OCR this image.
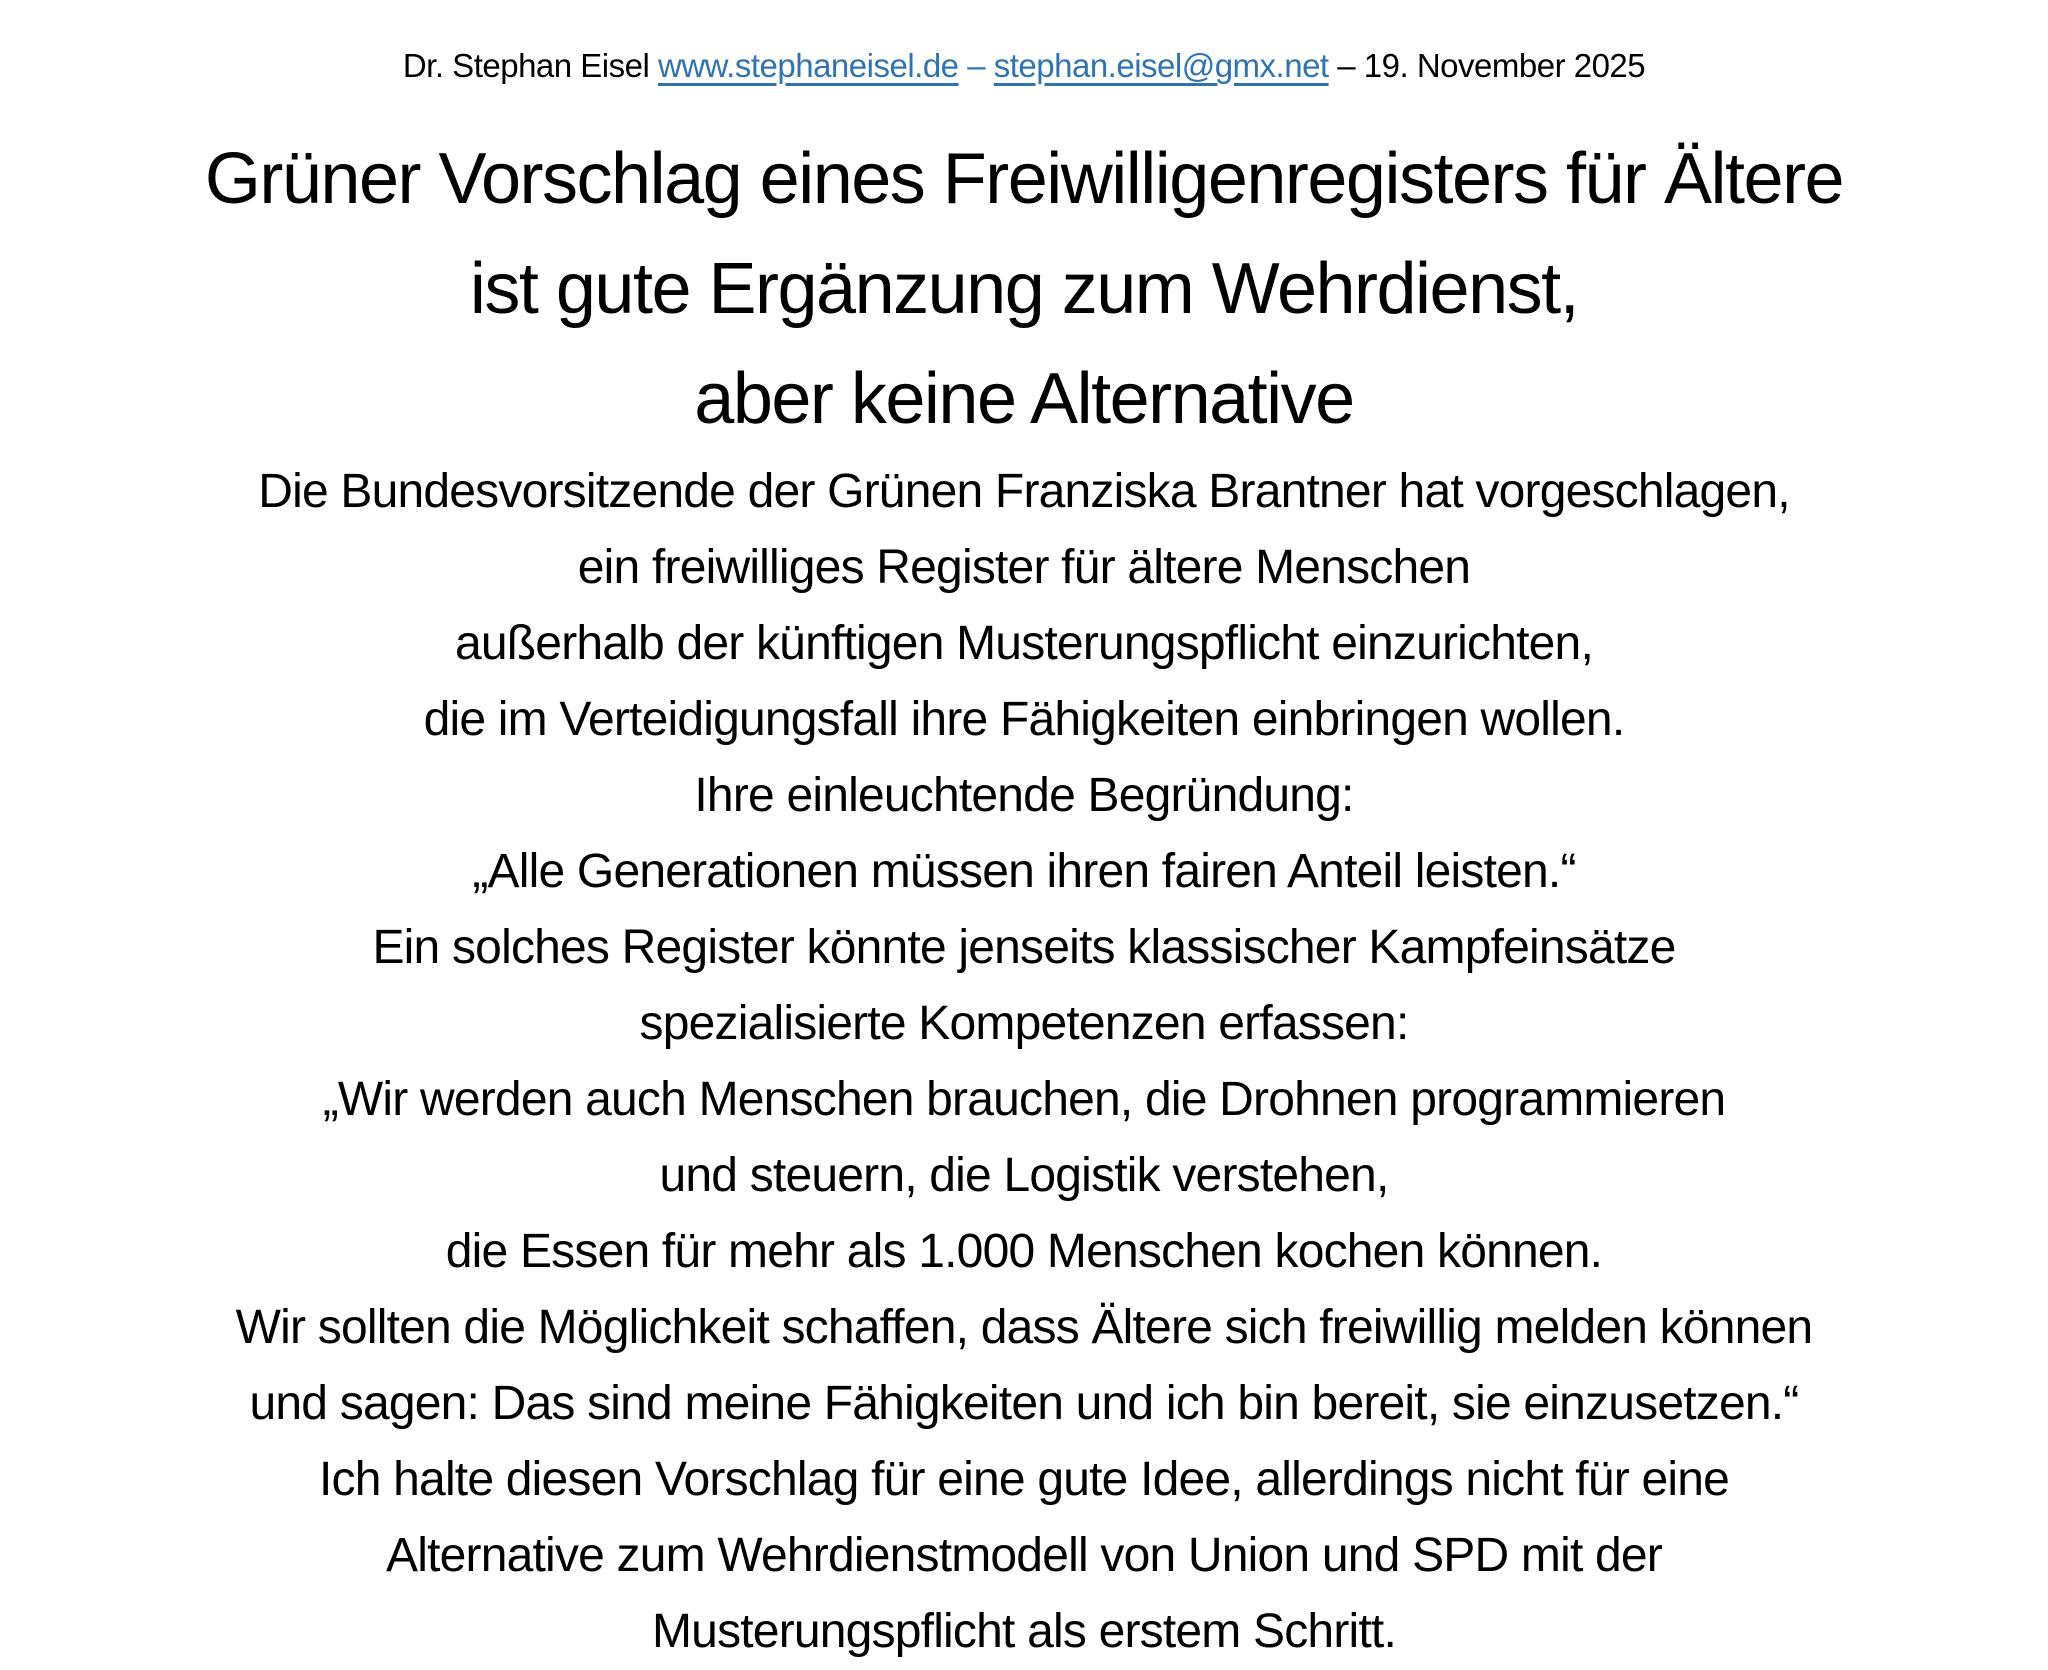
Dr. Stephan Eisel www.stephaneisel.de – stephan.eisel@gmx.net – 19. November 2025

Grüner Vorschlag eines Freiwilligenregisters für Ältere
ist gute Ergänzung zum Wehrdienst,
aber keine Alternative
Die Bundesvorsitzende der Grünen Franziska Brantner hat vorgeschlagen,
ein freiwilliges Register für ältere Menschen
außerhalb der künftigen Musterungspflicht einzurichten,
die im Verteidigungsfall ihre Fähigkeiten einbringen wollen.
Ihre einleuchtende Begründung:
„Alle Generationen müssen ihren fairen Anteil leisten.“
Ein solches Register könnte jenseits klassischer Kampfeinsätze
spezialisierte Kompetenzen erfassen:
„Wir werden auch Menschen brauchen, die Drohnen programmieren
und steuern, die Logistik verstehen,
die Essen für mehr als 1.000 Menschen kochen können.
Wir sollten die Möglichkeit schaffen, dass Ältere sich freiwillig melden können
und sagen: Das sind meine Fähigkeiten und ich bin bereit, sie einzusetzen.“
Ich halte diesen Vorschlag für eine gute Idee, allerdings nicht für eine
Alternative zum Wehrdienstmodell von Union und SPD mit der
Musterungspflicht als erstem Schritt.
